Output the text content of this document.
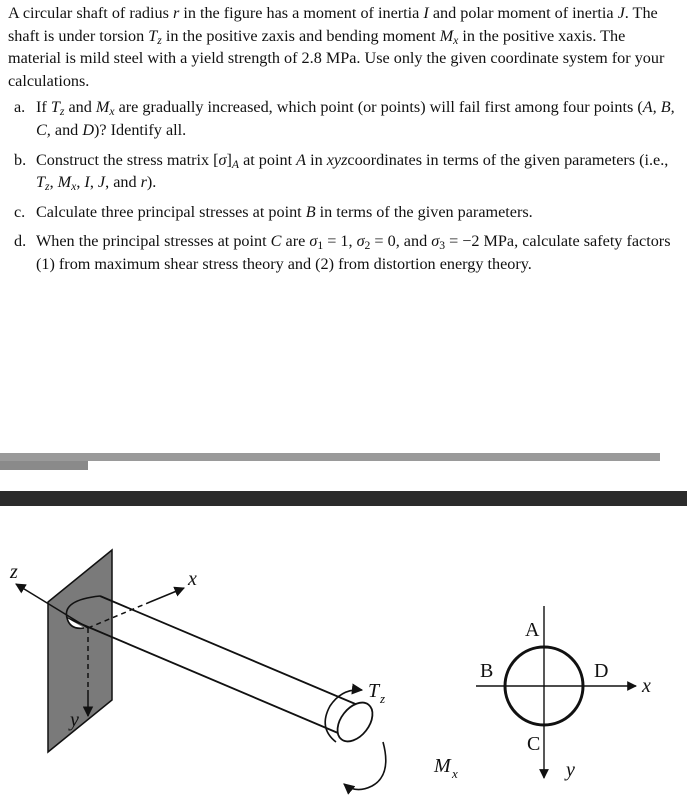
A circular shaft of radius r in the figure has a moment of inertia I and polar moment of inertia J. The shaft is under torsion $T_z$ in the positive zaxis and bending moment $M_x$ in the positive xaxis. The material is mild steel with a yield strength of 2.8 MPa. Use only the given coordinate system for your calculations.

a. If $T_z$ and $M_x$ are gradually increased, which point (or points) will fail first among four points (A, B, C, and D)? Identify all.
b. Construct the stress matrix $[\sigma]_A$ at point A in xyzcoordinates in terms of the given parameters (i.e., $T_z$, $M_x$, I, J, and r).
c. Calculate three principal stresses at point B in terms of the given parameters.
d. When the principal stresses at point C are $\sigma_1 = 1$, $\sigma_2 = 0$, and $\sigma_3 = -2$ MPa, calculate safety factors (1) from maximum shear stress theory and (2) from distortion energy theory.
z	x
y
T z
M x
x
y
A
B
C
D
